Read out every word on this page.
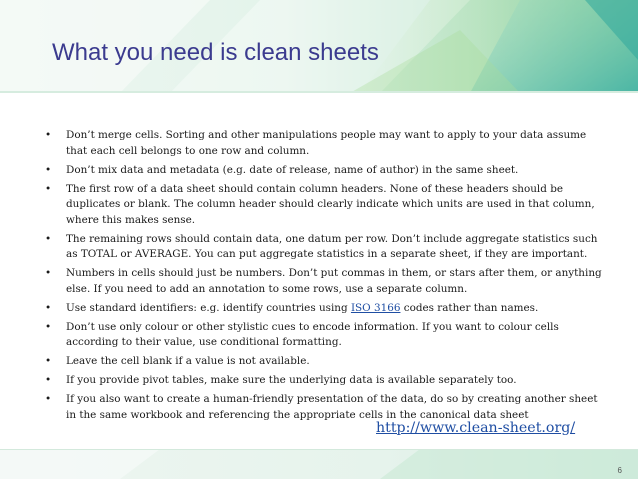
What you need is clean sheets
• Don’t merge cells. Sorting and other manipulations people may want to apply to your data assume that each cell belongs to one row and column.
• Don’t mix data and metadata (e.g. date of release, name of author) in the same sheet.
• The first row of a data sheet should contain column headers. None of these headers should be duplicates or blank. The column header should clearly indicate which units are used in that column, where this makes sense.
• The remaining rows should contain data, one datum per row. Don’t include aggregate statistics such as TOTAL or AVERAGE. You can put aggregate statistics in a separate sheet, if they are important.
• Numbers in cells should just be numbers. Don’t put commas in them, or stars after them, or anything else. If you need to add an annotation to some rows, use a separate column.
• Use standard identifiers: e.g. identify countries using ISO 3166 codes rather than names.
• Don’t use only colour or other stylistic cues to encode information. If you want to colour cells according to their value, use conditional formatting.
• Leave the cell blank if a value is not available.
• If you provide pivot tables, make sure the underlying data is available separately too.
• If you also want to create a human-friendly presentation of the data, do so by creating another sheet in the same workbook and referencing the appropriate cells in the canonical data sheet
http://www.clean-sheet.org/
6
